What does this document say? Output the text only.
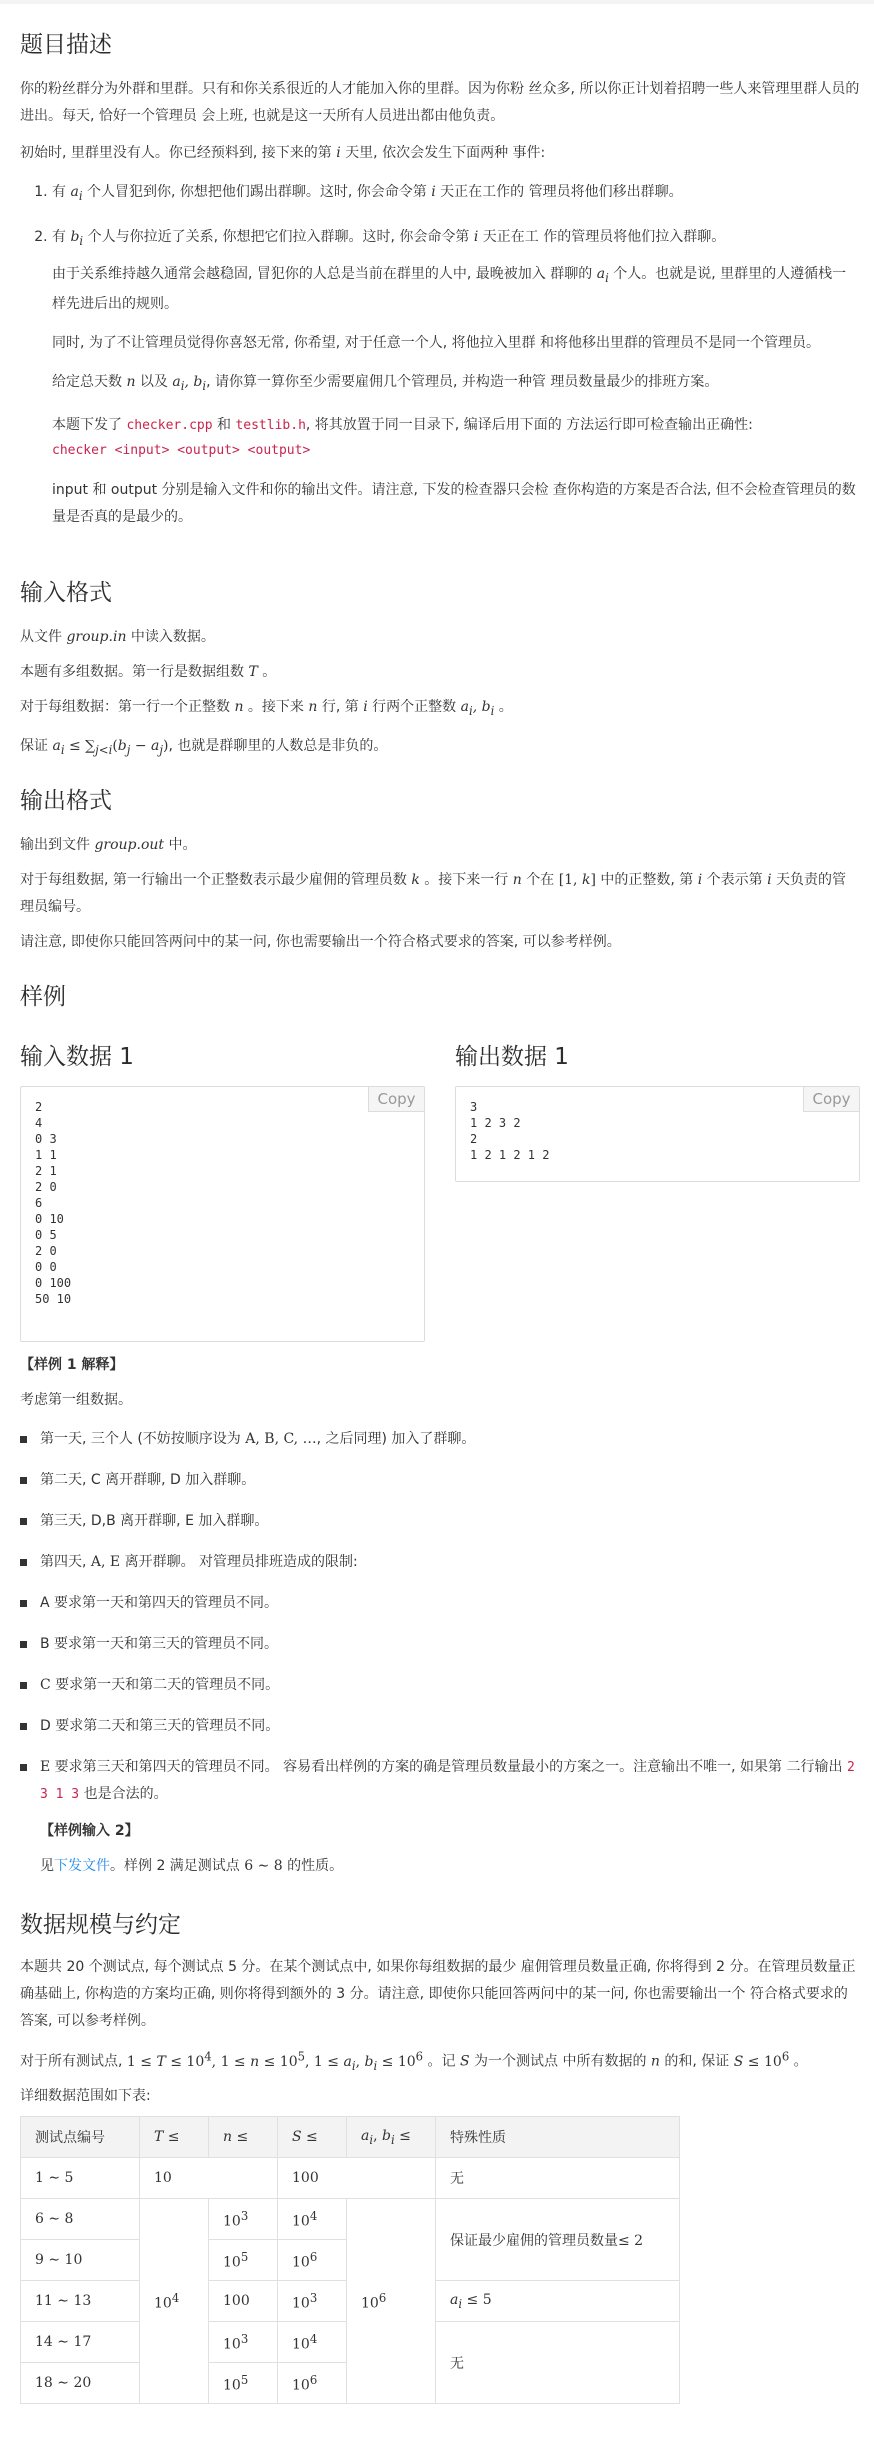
题目描述

你的粉丝群分为外群和里群。只有和你关系很近的人才能加入你的里群。因为你粉 丝众多, 所以你正计划着招聘一些人来管理里群人员的进出。每天, 恰好一个管理员 会上班, 也就是这一天所有人员进出都由他负责。

初始时, 里群里没有人。你已经预料到, 接下来的第 i 天里, 依次会发生下面两种 事件:

1. 有 $a_i$ 个人冒犯到你, 你想把他们踢出群聊。这时, 你会命令第 i 天正在工作的 管理员将他们移出群聊。
2. 有 $b_i$ 个人与你拉近了关系, 你想把它们拉入群聊。这时, 你会命令第 i 天正在工 作的管理员将他们拉入群聊。

由于关系维持越久通常会越稳固, 冒犯你的人总是当前在群里的人中, 最晚被加入 群聊的 $a_i$ 个人。也就是说, 里群里的人遵循栈一样先进后出的规则。

同时, 为了不让管理员觉得你喜怒无常, 你希望, 对于任意一个人, 将他拉入里群 和将他移出里群的管理员不是同一个管理员。

给定总天数 n 以及 $a_i$, $b_i$, 请你算一算你至少需要雇佣几个管理员, 并构造一种管 理员数量最少的排班方案。

本题下发了 checker.cpp 和 testlib.h, 将其放置于同一目录下, 编译后用下面的 方法运行即可检查输出正确性:

checker <input> <output> <output>

input 和 output 分别是输入文件和你的输出文件。请注意, 下发的检查器只会检 查你构造的方案是否合法, 但不会检查管理员的数量是否真的是最少的。

输入格式

从文件 group.in 中读入数据。

本题有多组数据。第一行是数据组数 T 。

对于每组数据：第一行一个正整数 n 。接下来 n 行, 第 i 行两个正整数 $a_i$, $b_i$ 。

保证 $a_i \le \sum_{j<i}(b_j - a_j)$, 也就是群聊里的人数总是非负的。

输出格式

输出到文件 group.out 中。

对于每组数据, 第一行输出一个正整数表示最少雇佣的管理员数 k 。接下来一行 n 个在 [1, k] 中的正整数, 第 i 个表示第 i 天负责的管理员编号。

请注意, 即使你只能回答两问中的某一问, 你也需要输出一个符合格式要求的答案, 可以参考样例。

样例
输入数据 1
Copy
2
4
0 3
1 1
2 1
2 0
6
0 10
0 5
2 0
0 0
0 100
50 10
输出数据 1
Copy
3
1 2 3 2
2
1 2 1 2 1 2

【样例 1 解释】

考虑第一组数据。

第一天, 三个人 (不妨按顺序设为 A, B, C, …, 之后同理) 加入了群聊。
第二天, C 离开群聊, D 加入群聊。
第三天, D,B 离开群聊, E 加入群聊。
第四天, A, E 离开群聊。 对管理员排班造成的限制:
A 要求第一天和第四天的管理员不同。
B 要求第一天和第三天的管理员不同。
C 要求第一天和第二天的管理员不同。
D 要求第二天和第三天的管理员不同。
E 要求第三天和第四天的管理员不同。 容易看出样例的方案的确是管理员数量最小的方案之一。注意输出不唯一, 如果第 二行输出 2 3 1 3 也是合法的。

【样例输入 2】

见下发文件。样例 2 满足测试点 6 ∼ 8 的性质。

数据规模与约定

本题共 20 个测试点, 每个测试点 5 分。在某个测试点中, 如果你每组数据的最少 雇佣管理员数量正确, 你将得到 2 分。在管理员数量正确基础上, 你构造的方案均正确, 则你将得到额外的 3 分。请注意, 即使你只能回答两问中的某一问, 你也需要输出一个 符合格式要求的答案, 可以参考样例。

对于所有测试点, $1 \le T \le 10^4$, $1 \le n \le 10^5$, $1 \le a_i$, $b_i \le 10^6$ 。记 S 为一个测试点 中所有数据的 n 的和, 保证 $S \le 10^6$ 。

详细数据范围如下表:

测试点编号	T ≤	n ≤	S ≤	$a_i$, $b_i$ ≤	特殊性质
1 ∼ 5	10		100		无
6 ∼ 8	$10^4$	$10^3$	$10^4$	$10^6$	保证最少雇佣的管理员数量≤ 2
9 ∼ 10		$10^5$	$10^6$
11 ∼ 13		100	$10^3$		$a_i \le 5$
14 ∼ 17		$10^3$	$10^4$		无
18 ∼ 20		$10^5$	$10^6$
